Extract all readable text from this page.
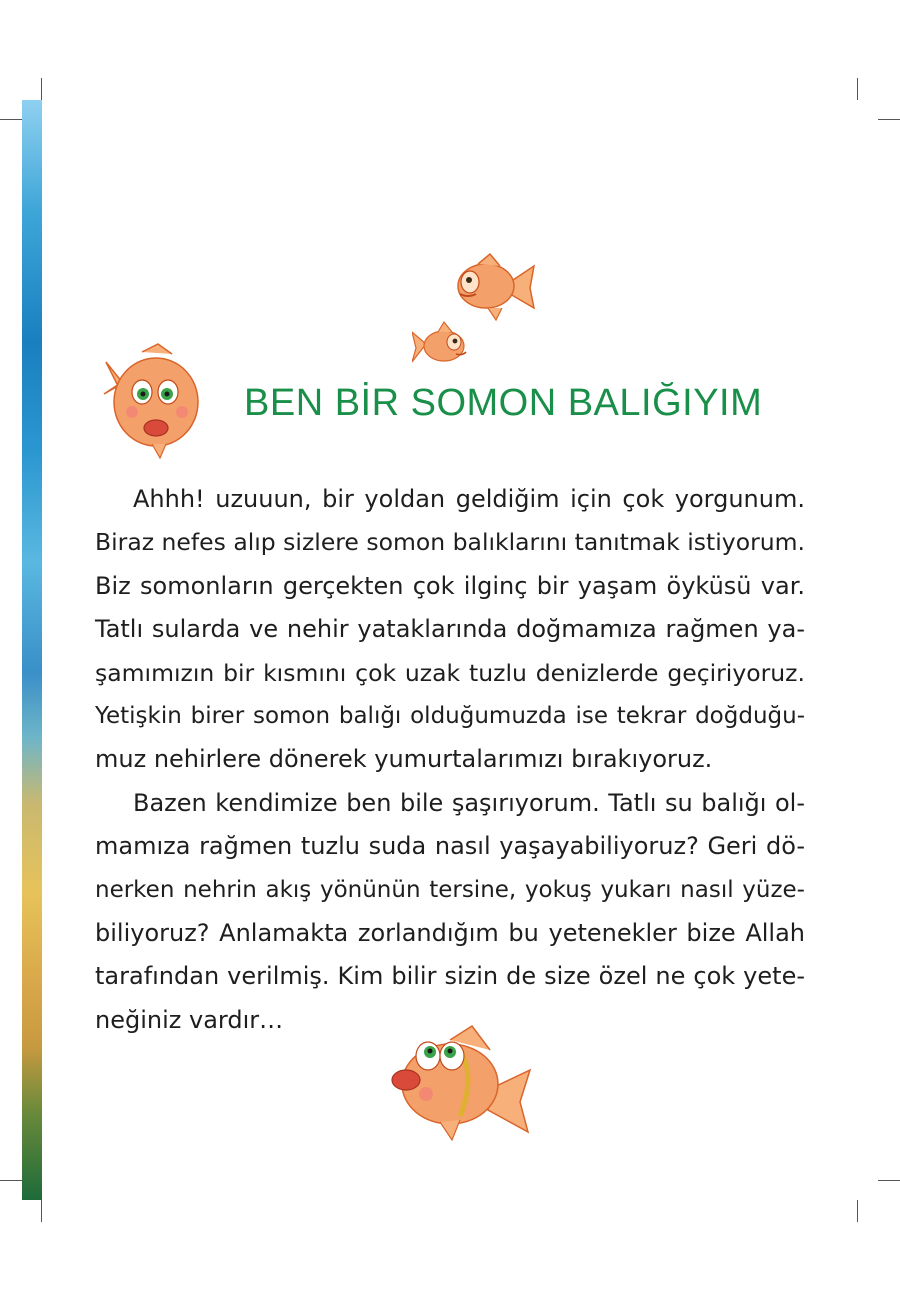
BEN BİR SOMON BALIĞIYIM

Ahhh! uzuuun, bir yoldan geldiğim için çok yorgunum.
Biraz nefes alıp sizlere somon balıklarını tanıtmak istiyorum.
Biz somonların gerçekten çok ilginç bir yaşam öyküsü var.
Tatlı sularda ve nehir yataklarında doğmamıza rağmen ya-
şamımızın bir kısmını çok uzak tuzlu denizlerde geçiriyoruz.
Yetişkin birer somon balığı olduğumuzda ise tekrar doğduğu-
muz nehirlere dönerek yumurtalarımızı bırakıyoruz.

Bazen kendimize ben bile şaşırıyorum. Tatlı su balığı ol-
mamıza rağmen tuzlu suda nasıl yaşayabiliyoruz? Geri dö-
nerken nehrin akış yönünün tersine, yokuş yukarı nasıl yüze-
biliyoruz? Anlamakta zorlandığım bu yetenekler bize Allah
tarafından verilmiş. Kim bilir sizin de size özel ne çok yete-
neğiniz vardır…
